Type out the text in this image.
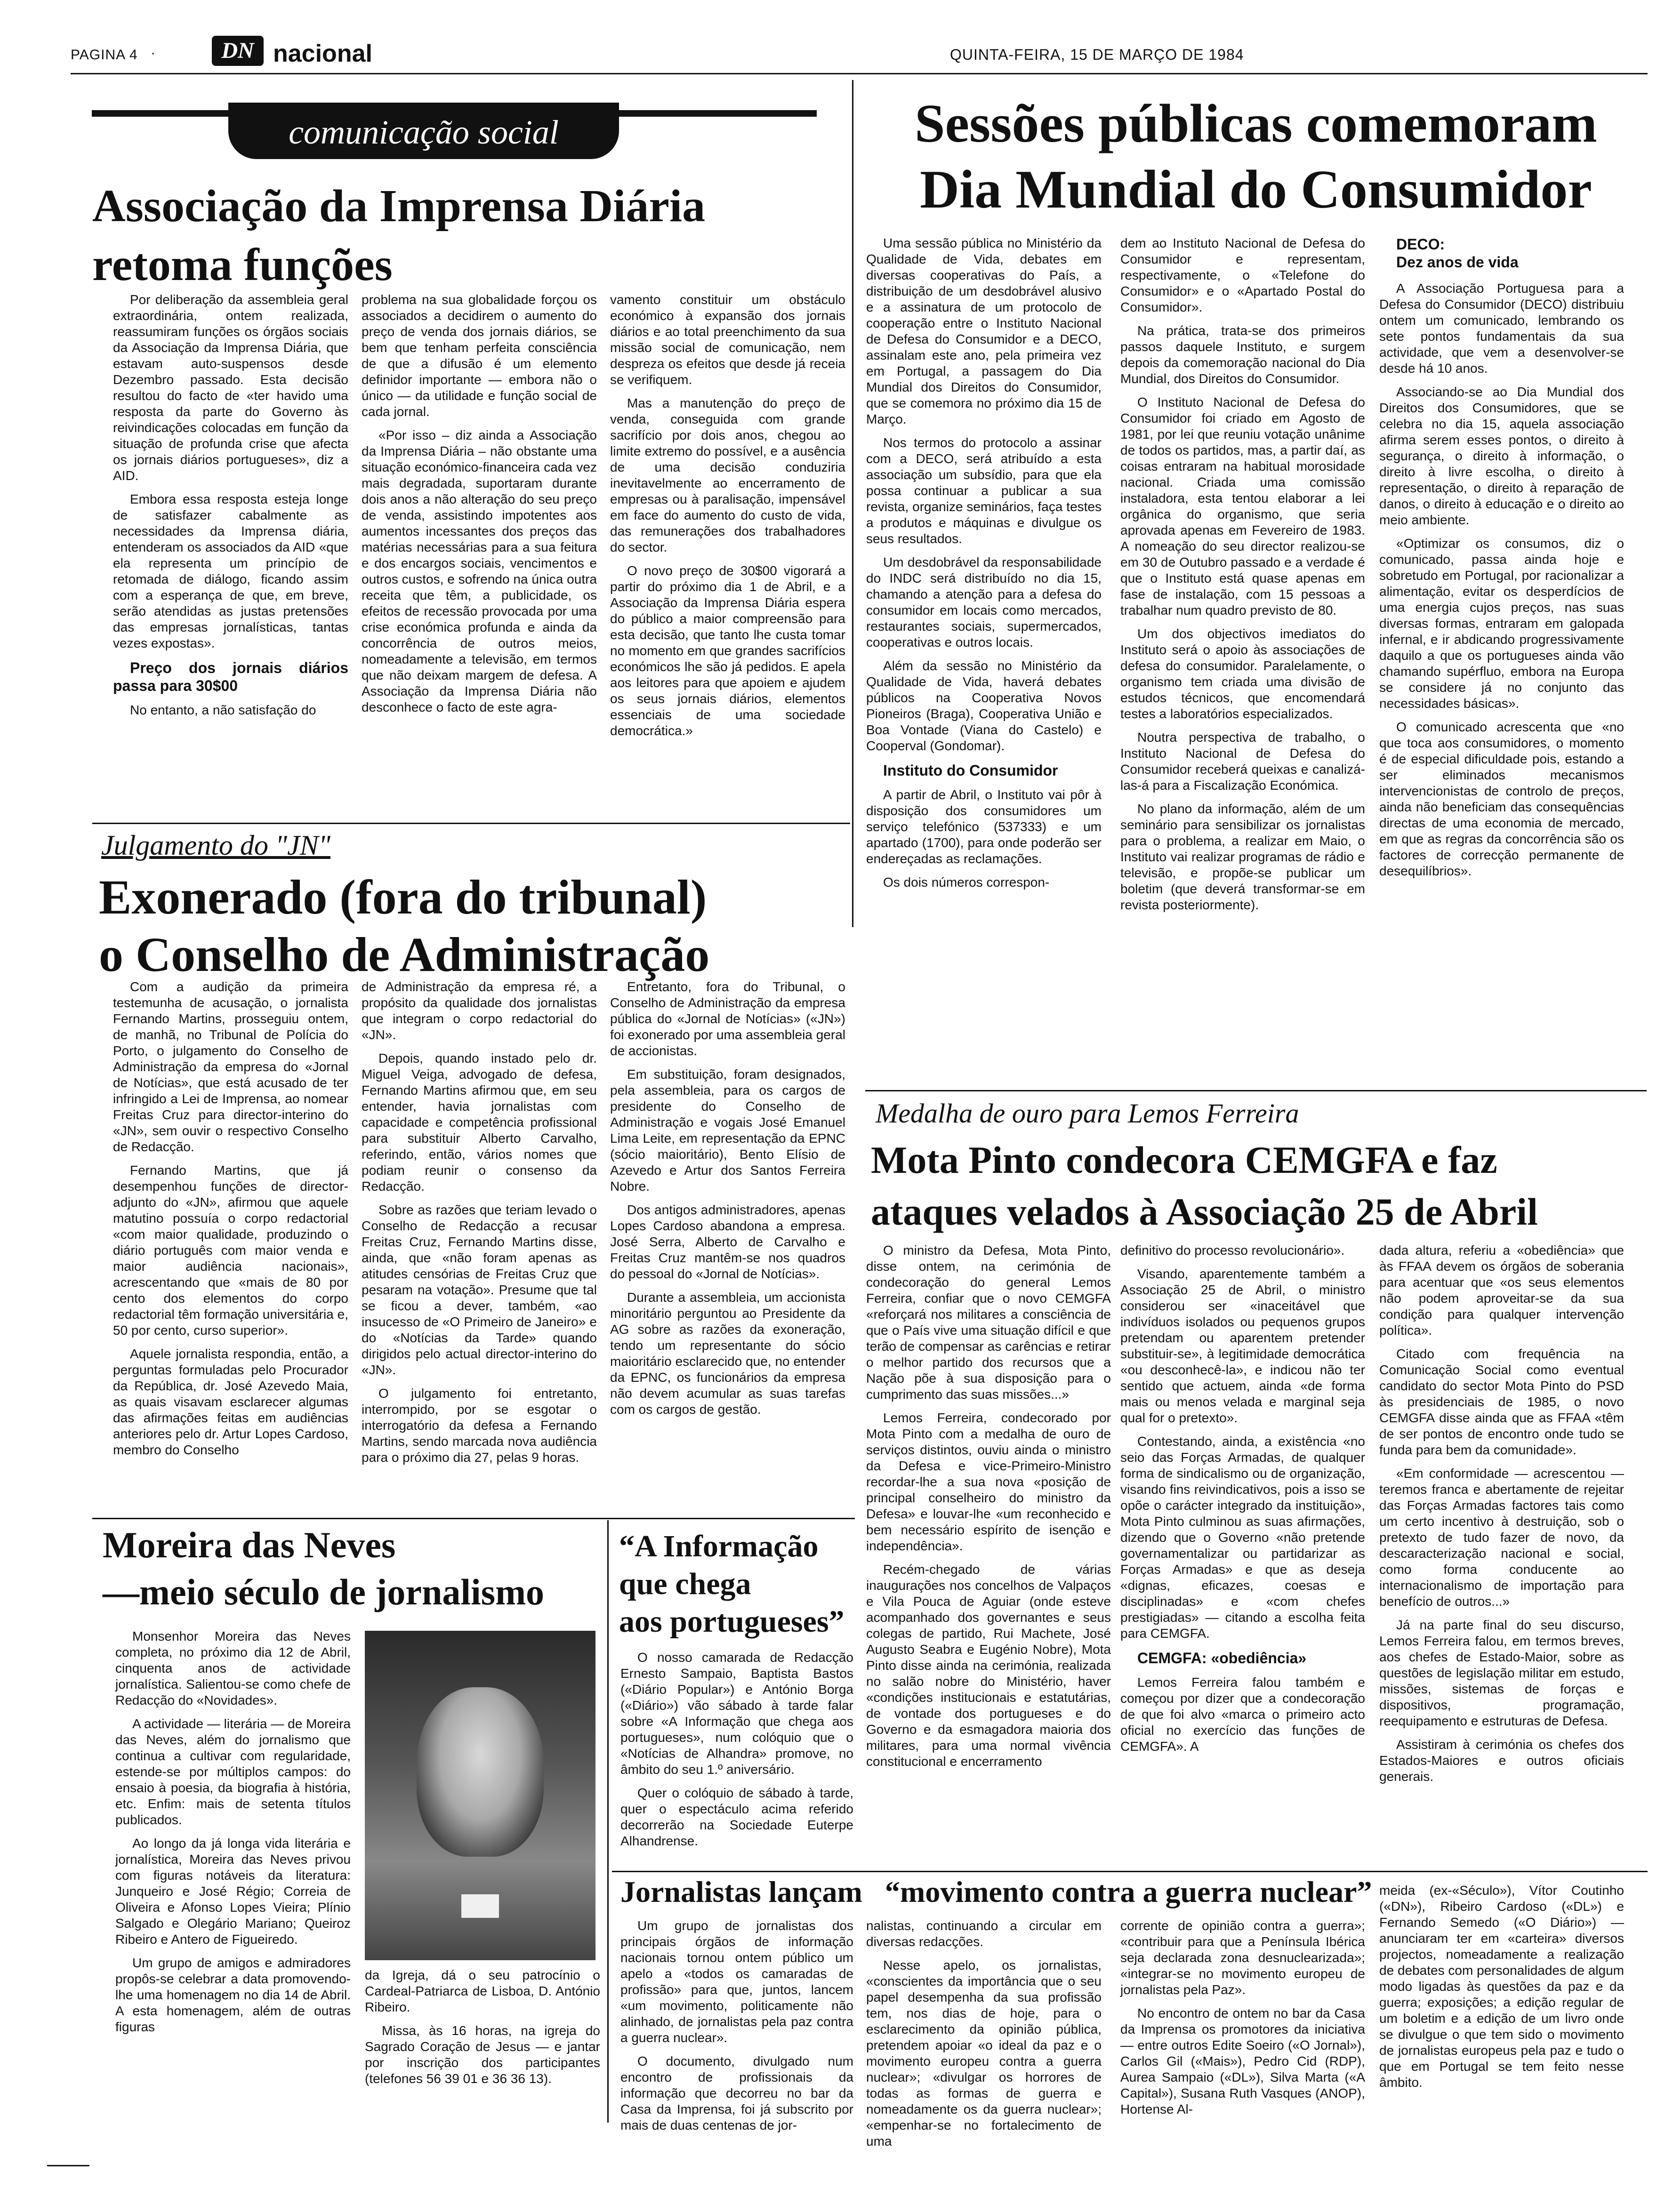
PAGINA 4 ·	DN nacional	QUINTA-FEIRA, 15 DE MARÇO DE 1984
comunicação social
Associação da Imprensa Diária
retoma funções

Por deliberação da assembleia geral extraordinária, ontem realizada, reassumiram funções os órgãos sociais da Associação da Imprensa Diária, que estavam auto-suspensos desde Dezembro passado. Esta decisão resultou do facto de «ter havido uma resposta da parte do Governo às reivindicações colocadas em função da situação de profunda crise que afecta os jornais diários portugueses», diz a AID.

Embora essa resposta esteja longe de satisfazer cabalmente as necessidades da Imprensa diária, entenderam os associados da AID «que ela representa um princípio de retomada de diálogo, ficando assim com a esperança de que, em breve, serão atendidas as justas pretensões das empresas jornalísticas, tantas vezes expostas».

Preço dos jornais diários passa para 30$00

No entanto, a não satisfação do

problema na sua globalidade forçou os associados a decidirem o aumento do preço de venda dos jornais diários, se bem que tenham perfeita consciência de que a difusão é um elemento definidor importante — embora não o único — da utilidade e função social de cada jornal.

«Por isso – diz ainda a Associação da Imprensa Diária – não obstante uma situação económico-financeira cada vez mais degradada, suportaram durante dois anos a não alteração do seu preço de venda, assistindo impotentes aos aumentos incessantes dos preços das matérias necessárias para a sua feitura e dos encargos sociais, vencimentos e outros custos, e sofrendo na única outra receita que têm, a publicidade, os efeitos de recessão provocada por uma crise económica profunda e ainda da concorrência de outros meios, nomeadamente a televisão, em termos que não deixam margem de defesa. A Associação da Imprensa Diária não desconhece o facto de este agra-

vamento constituir um obstáculo económico à expansão dos jornais diários e ao total preenchimento da sua missão social de comunicação, nem despreza os efeitos que desde já receia se verifiquem.

Mas a manutenção do preço de venda, conseguida com grande sacrifício por dois anos, chegou ao limite extremo do possível, e a ausência de uma decisão conduziria inevitavelmente ao encerramento de empresas ou à paralisação, impensável em face do aumento do custo de vida, das remunerações dos trabalhadores do sector.

O novo preço de 30$00 vigorará a partir do próximo dia 1 de Abril, e a Associação da Imprensa Diária espera do público a maior compreensão para esta decisão, que tanto lhe custa tomar no momento em que grandes sacrifícios económicos lhe são já pedidos. E apela aos leitores para que apoiem e ajudem os seus jornais diários, elementos essenciais de uma sociedade democrática.»

Sessões públicas comemoram
Dia Mundial do Consumidor

Uma sessão pública no Ministério da Qualidade de Vida, debates em diversas cooperativas do País, a distribuição de um desdobrável alusivo e a assinatura de um protocolo de cooperação entre o Instituto Nacional de Defesa do Consumidor e a DECO, assinalam este ano, pela primeira vez em Portugal, a passagem do Dia Mundial dos Direitos do Consumidor, que se comemora no próximo dia 15 de Março.

Nos termos do protocolo a assinar com a DECO, será atribuído a esta associação um subsídio, para que ela possa continuar a publicar a sua revista, organize seminários, faça testes a produtos e máquinas e divulgue os seus resultados.

Um desdobrável da responsabilidade do INDC será distribuído no dia 15, chamando a atenção para a defesa do consumidor em locais como mercados, restaurantes sociais, supermercados, cooperativas e outros locais.

Além da sessão no Ministério da Qualidade de Vida, haverá debates públicos na Cooperativa Novos Pioneiros (Braga), Cooperativa União e Boa Vontade (Viana do Castelo) e Cooperval (Gondomar).

Instituto do Consumidor

A partir de Abril, o Instituto vai pôr à disposição dos consumidores um serviço telefónico (537333) e um apartado (1700), para onde poderão ser endereçadas as reclamações.

Os dois números correspon-

dem ao Instituto Nacional de Defesa do Consumidor e representam, respectivamente, o «Telefone do Consumidor» e o «Apartado Postal do Consumidor».

Na prática, trata-se dos primeiros passos daquele Instituto, e surgem depois da comemoração nacional do Dia Mundial, dos Direitos do Consumidor.

O Instituto Nacional de Defesa do Consumidor foi criado em Agosto de 1981, por lei que reuniu votação unânime de todos os partidos, mas, a partir daí, as coisas entraram na habitual morosidade nacional. Criada uma comissão instaladora, esta tentou elaborar a lei orgânica do organismo, que seria aprovada apenas em Fevereiro de 1983. A nomeação do seu director realizou-se em 30 de Outubro passado e a verdade é que o Instituto está quase apenas em fase de instalação, com 15 pessoas a trabalhar num quadro previsto de 80.

Um dos objectivos imediatos do Instituto será o apoio às associações de defesa do consumidor. Paralelamente, o organismo tem criada uma divisão de estudos técnicos, que encomendará testes a laboratórios especializados.

Noutra perspectiva de trabalho, o Instituto Nacional de Defesa do Consumidor receberá queixas e canalizá-las-á para a Fiscalização Económica.

No plano da informação, além de um seminário para sensibilizar os jornalistas para o problema, a realizar em Maio, o Instituto vai realizar programas de rádio e televisão, e propõe-se publicar um boletim (que deverá transformar-se em revista posteriormente).

DECO:

Dez anos de vida

A Associação Portuguesa para a Defesa do Consumidor (DECO) distribuiu ontem um comunicado, lembrando os sete pontos fundamentais da sua actividade, que vem a desenvolver-se desde há 10 anos.

Associando-se ao Dia Mundial dos Direitos dos Consumidores, que se celebra no dia 15, aquela associação afirma serem esses pontos, o direito à segurança, o direito à informação, o direito à livre escolha, o direito à representação, o direito à reparação de danos, o direito à educação e o direito ao meio ambiente.

«Optimizar os consumos, diz o comunicado, passa ainda hoje e sobretudo em Portugal, por racionalizar a alimentação, evitar os desperdícios de uma energia cujos preços, nas suas diversas formas, entraram em galopada infernal, e ir abdicando progressivamente daquilo a que os portugueses ainda vão chamando supérfluo, embora na Europa se considere já no conjunto das necessidades básicas».

O comunicado acrescenta que «no que toca aos consumidores, o momento é de especial dificuldade pois, estando a ser eliminados mecanismos intervencionistas de controlo de preços, ainda não beneficiam das consequências directas de uma economia de mercado, em que as regras da concorrência são os factores de correcção permanente de desequilíbrios».

Julgamento do "JN"
Exonerado (fora do tribunal)
o Conselho de Administração

Com a audição da primeira testemunha de acusação, o jornalista Fernando Martins, prosseguiu ontem, de manhã, no Tribunal de Polícia do Porto, o julgamento do Conselho de Administração da empresa do «Jornal de Notícias», que está acusado de ter infringido a Lei de Imprensa, ao nomear Freitas Cruz para director-interino do «JN», sem ouvir o respectivo Conselho de Redacção.

Fernando Martins, que já desempenhou funções de director-adjunto do «JN», afirmou que aquele matutino possuía o corpo redactorial «com maior qualidade, produzindo o diário português com maior venda e maior audiência nacionais», acrescentando que «mais de 80 por cento dos elementos do corpo redactorial têm formação universitária e, 50 por cento, curso superior».

Aquele jornalista respondia, então, a perguntas formuladas pelo Procurador da República, dr. José Azevedo Maia, as quais visavam esclarecer algumas das afirmações feitas em audiências anteriores pelo dr. Artur Lopes Cardoso, membro do Conselho

de Administração da empresa ré, a propósito da qualidade dos jornalistas que integram o corpo redactorial do «JN».

Depois, quando instado pelo dr. Miguel Veiga, advogado de defesa, Fernando Martins afirmou que, em seu entender, havia jornalistas com capacidade e competência profissional para substituir Alberto Carvalho, referindo, então, vários nomes que podiam reunir o consenso da Redacção.

Sobre as razões que teriam levado o Conselho de Redacção a recusar Freitas Cruz, Fernando Martins disse, ainda, que «não foram apenas as atitudes censórias de Freitas Cruz que pesaram na votação». Presume que tal se ficou a dever, também, «ao insucesso de «O Primeiro de Janeiro» e do «Notícias da Tarde» quando dirigidos pelo actual director-interino do «JN».

O julgamento foi entretanto, interrompido, por se esgotar o interrogatório da defesa a Fernando Martins, sendo marcada nova audiência para o próximo dia 27, pelas 9 horas.

Entretanto, fora do Tribunal, o Conselho de Administração da empresa pública do «Jornal de Notícias» («JN») foi exonerado por uma assembleia geral de accionistas.

Em substituição, foram designados, pela assembleia, para os cargos de presidente do Conselho de Administração e vogais José Emanuel Lima Leite, em representação da EPNC (sócio maioritário), Bento Elísio de Azevedo e Artur dos Santos Ferreira Nobre.

Dos antigos administradores, apenas Lopes Cardoso abandona a empresa. José Serra, Alberto de Carvalho e Freitas Cruz mantêm-se nos quadros do pessoal do «Jornal de Notícias».

Durante a assembleia, um accionista minoritário perguntou ao Presidente da AG sobre as razões da exoneração, tendo um representante do sócio maioritário esclarecido que, no entender da EPNC, os funcionários da empresa não devem acumular as suas tarefas com os cargos de gestão.

Medalha de ouro para Lemos Ferreira
Mota Pinto condecora CEMGFA e faz
ataques velados à Associação 25 de Abril

O ministro da Defesa, Mota Pinto, disse ontem, na cerimónia de condecoração do general Lemos Ferreira, confiar que o novo CEMGFA «reforçará nos militares a consciência de que o País vive uma situação difícil e que terão de compensar as carências e retirar o melhor partido dos recursos que a Nação põe à sua disposição para o cumprimento das suas missões...»

Lemos Ferreira, condecorado por Mota Pinto com a medalha de ouro de serviços distintos, ouviu ainda o ministro da Defesa e vice-Primeiro-Ministro recordar-lhe a sua nova «posição de principal conselheiro do ministro da Defesa» e louvar-lhe «um reconhecido e bem necessário espírito de isenção e independência».

Recém-chegado de várias inaugurações nos concelhos de Valpaços e Vila Pouca de Aguiar (onde esteve acompanhado dos governantes e seus colegas de partido, Rui Machete, José Augusto Seabra e Eugénio Nobre), Mota Pinto disse ainda na cerimónia, realizada no salão nobre do Ministério, haver «condições institucionais e estatutárias, de vontade dos portugueses e do Governo e da esmagadora maioria dos militares, para uma normal vivência constitucional e encerramento

definitivo do processo revolucionário».

Visando, aparentemente também a Associação 25 de Abril, o ministro considerou ser «inaceitável que indivíduos isolados ou pequenos grupos pretendam ou aparentem pretender substituir-se», à legitimidade democrática «ou desconhecê-la», e indicou não ter sentido que actuem, ainda «de forma mais ou menos velada e marginal seja qual for o pretexto».

Contestando, ainda, a existência «no seio das Forças Armadas, de qualquer forma de sindicalismo ou de organização, visando fins reivindicativos, pois a isso se opõe o carácter integrado da instituição», Mota Pinto culminou as suas afirmações, dizendo que o Governo «não pretende governamentalizar ou partidarizar as Forças Armadas» e que as deseja «dignas, eficazes, coesas e disciplinadas» e «com chefes prestigiadas» — citando a escolha feita para CEMGFA.

CEMGFA: «obediência»

Lemos Ferreira falou também e começou por dizer que a condecoração de que foi alvo «marca o primeiro acto oficial no exercício das funções de CEMGFA». A

dada altura, referiu a «obediência» que às FFAA devem os órgãos de soberania para acentuar que «os seus elementos não podem aproveitar-se da sua condição para qualquer intervenção política».

Citado com frequência na Comunicação Social como eventual candidato do sector Mota Pinto do PSD às presidenciais de 1985, o novo CEMGFA disse ainda que as FFAA «têm de ser pontos de encontro onde tudo se funda para bem da comunidade».

«Em conformidade — acrescentou — teremos franca e abertamente de rejeitar das Forças Armadas factores tais como um certo incentivo à destruição, sob o pretexto de tudo fazer de novo, da descaracterização nacional e social, como forma conducente ao internacionalismo de importação para benefício de outros...»

Já na parte final do seu discurso, Lemos Ferreira falou, em termos breves, aos chefes de Estado-Maior, sobre as questões de legislação militar em estudo, missões, sistemas de forças e dispositivos, programação, reequipamento e estruturas de Defesa.

Assistiram à cerimónia os chefes dos Estados-Maiores e outros oficiais generais.

Moreira das Neves
—meio século de jornalismo

Monsenhor Moreira das Neves completa, no próximo dia 12 de Abril, cinquenta anos de actividade jornalística. Salientou-se como chefe de Redacção do «Novidades».

A actividade — literária — de Moreira das Neves, além do jornalismo que continua a cultivar com regularidade, estende-se por múltiplos campos: do ensaio à poesia, da biografia à história, etc. Enfim: mais de setenta títulos publicados.

Ao longo da já longa vida literária e jornalística, Moreira das Neves privou com figuras notáveis da literatura: Junqueiro e José Régio; Correia de Oliveira e Afonso Lopes Vieira; Plínio Salgado e Olegário Mariano; Queiroz Ribeiro e Antero de Figueiredo.

Um grupo de amigos e admiradores propôs-se celebrar a data promovendo-lhe uma homenagem no dia 14 de Abril. A esta homenagem, além de outras figuras

da Igreja, dá o seu patrocínio o Cardeal-Patriarca de Lisboa, D. António Ribeiro.

Missa, às 16 horas, na igreja do Sagrado Coração de Jesus — e jantar por inscrição dos participantes (telefones 56 39 01 e 36 36 13).

“A Informação
que chega
aos portugueses”

O nosso camarada de Redacção Ernesto Sampaio, Baptista Bastos («Diário Popular») e António Borga («Diário») vão sábado à tarde falar sobre «A Informação que chega aos portugueses», num colóquio que o «Notícias de Alhandra» promove, no âmbito do seu 1.º aniversário.

Quer o colóquio de sábado à tarde, quer o espectáculo acima referido decorrerão na Sociedade Euterpe Alhandrense.

Jornalistas lançam “movimento contra a guerra nuclear”

Um grupo de jornalistas dos principais órgãos de informação nacionais tornou ontem público um apelo a «todos os camaradas de profissão» para que, juntos, lancem «um movimento, politicamente não alinhado, de jornalistas pela paz contra a guerra nuclear».

O documento, divulgado num encontro de profissionais da informação que decorreu no bar da Casa da Imprensa, foi já subscrito por mais de duas centenas de jor-

nalistas, continuando a circular em diversas redacções.

Nesse apelo, os jornalistas, «conscientes da importância que o seu papel desempenha da sua profissão tem, nos dias de hoje, para o esclarecimento da opinião pública, pretendem apoiar «o ideal da paz e o movimento europeu contra a guerra nuclear»; «divulgar os horrores de todas as formas de guerra e nomeadamente os da guerra nuclear»; «empenhar-se no fortalecimento de uma

corrente de opinião contra a guerra»; «contribuir para que a Península Ibérica seja declarada zona desnuclearizada»; «integrar-se no movimento europeu de jornalistas pela Paz».

No encontro de ontem no bar da Casa da Imprensa os promotores da iniciativa — entre outros Edite Soeiro («O Jornal»), Carlos Gil («Mais»), Pedro Cid (RDP), Aurea Sampaio («DL»), Silva Marta («A Capital»), Susana Ruth Vasques (ANOP), Hortense Al-

meida (ex-«Século»), Vítor Coutinho («DN»), Ribeiro Cardoso («DL») e Fernando Semedo («O Diário») — anunciaram ter em «carteira» diversos projectos, nomeadamente a realização de debates com personalidades de algum modo ligadas às questões da paz e da guerra; exposições; a edição regular de um boletim e a edição de um livro onde se divulgue o que tem sido o movimento de jornalistas europeus pela paz e tudo o que em Portugal se tem feito nesse âmbito.
